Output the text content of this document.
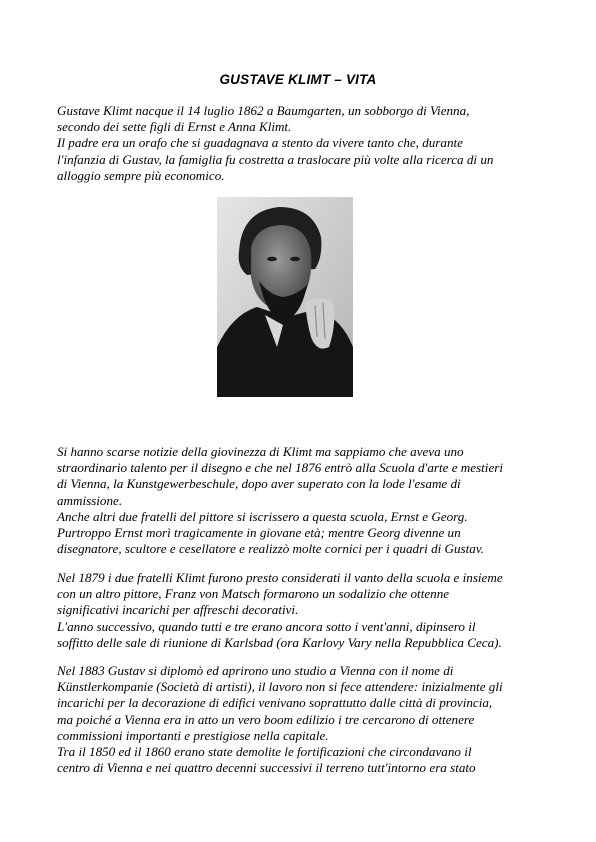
GUSTAVE KLIMT – VITA

Gustave Klimt nacque il 14 luglio 1862 a Baumgarten, un sobborgo di Vienna,

secondo dei sette figli di Ernst e Anna Klimt.

Il padre era un orafo che si guadagnava a stento da vivere tanto che, durante

l'infanzia di Gustav, la famiglia fu costretta a traslocare più volte alla ricerca di un

alloggio sempre più economico.

Si hanno scarse notizie della giovinezza di Klimt ma sappiamo che aveva uno

straordinario talento per il disegno e che nel 1876 entrò alla Scuola d'arte e mestieri

di Vienna, la Kunstgewerbeschule, dopo aver superato con la lode l'esame di

ammissione.

Anche altri due fratelli del pittore si iscrissero a questa scuola, Ernst e Georg.

Purtroppo Ernst morì tragicamente in giovane età; mentre Georg divenne un

disegnatore, scultore e cesellatore e realizzò molte cornici per i quadri di Gustav.

Nel 1879 i due fratelli Klimt furono presto considerati il vanto della scuola e insieme

con un altro pittore, Franz von Matsch formarono un sodalizio che ottenne

significativi incarichi per affreschi decorativi.

L'anno successivo, quando tutti e tre erano ancora sotto i vent'anni, dipinsero il

soffitto delle sale di riunione di Karlsbad (ora Karlovy Vary nella Repubblica Ceca).

Nel 1883 Gustav si diplomò ed aprirono uno studio a Vienna con il nome di

Künstlerkompanie (Società di artisti), il lavoro non si fece attendere: inizialmente gli

incarichi per la decorazione di edifici venivano soprattutto dalle città di provincia,

ma poiché a Vienna era in atto un vero boom edilizio i tre cercarono di ottenere

commissioni importanti e prestigiose nella capitale.

Tra il 1850 ed il 1860 erano state demolite le fortificazioni che circondavano il

centro di Vienna e nei quattro decenni successivi il terreno tutt'intorno era stato
